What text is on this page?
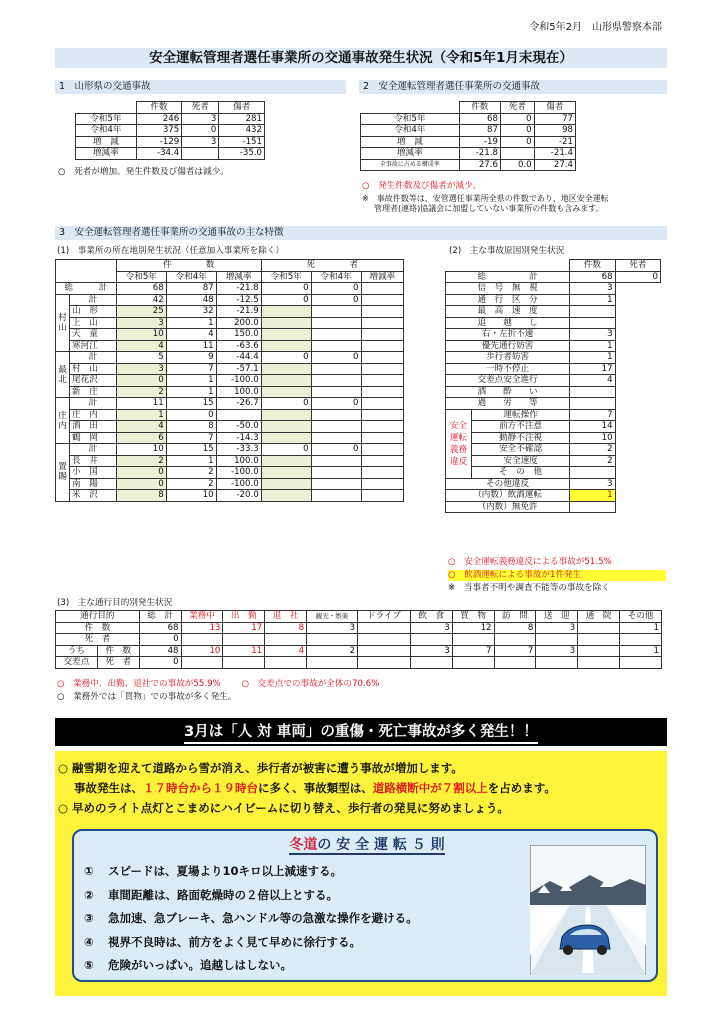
令和5年2月　山形県警察本部
安全運転管理者選任事業所の交通事故発生状況（令和5年1月末現在）
1　山形県の交通事故
	件数	死者	傷者
令和5年	246	3	281
令和4年	375	0	432
増　減	-129	3	-151
増減率	-34.4		-35.0
○　死者が増加。発生件数及び傷者は減少。
2　安全運転管理者選任事業所の交通事故
	件数	死者	傷者
令和5年	68	0	77
令和4年	87	0	98
増　減	-19	0	-21
増減率	-21.8		-21.4
全事故に占める構成率	27.6	0.0	27.4
○　発生件数及び傷者が減少。
※　事故件数等は、安管選任事業所全県の件数であり、地区安全運転
管理者(連絡)協議会に加盟していない事業所の件数も含みます。
3　安全運転管理者選任事業所の交通事故の主な特徴
(1)　事業所の所在地別発生状況（任意加入事業所を除く）
		件　　　　数			死　　　　者		
		令和5年	令和4年	増減率	令和5年	令和4年	増減率
総　　　計		68	87	-21.8	0	0	
村山	計	42	48	-12.5	0	0	
	山　形	25	32	-21.9			
	上　山	3	1	200.0			
	天　童	10	4	150.0			
	寒河江	4	11	-63.6			
最北	計	5	9	-44.4	0	0	
	村　山	3	7	-57.1			
	尾花沢	0	1	-100.0			
	新　庄	2	1	100.0			
庄内	計	11	15	-26.7	0	0	
	庄　内	1	0				
	酒　田	4	8	-50.0			
	鶴　岡	6	7	-14.3			
置賜	計	10	15	-33.3	0	0	
	長　井	2	1	100.0			
	小　国	0	2	-100.0			
	南　陽	0	2	-100.0			
	米　沢	8	10	-20.0			
(2)　主な事故原因別発生状況
		件数	死者
総　　　　　計		68	0
信　号　無　視		3	
通　行　区　分		1	
最　高　速　度			
追　　越　　し			
右・左折不適		3	
優先通行妨害		1	
歩行者妨害		1	
一時不停止		17	
交差点安全進行		4	
酒　　酔　　い			
過　　労　　等			
安全運転義務違反	運転操作	7	
	前方不注意	14	
	動静不注視	10	
	安全不確認	2	
	安全速度	2	
	そ　の　他		
その他違反		3	
（内数）飲酒運転		1	
（内数）無免許			
○　安全運転義務違反による事故が51.5%
○　飲酒運転による事故が1件発生
※　当事者不明や調査不能等の事故を除く
(3)　主な通行目的別発生状況
通行目的		総　計	業務中	出　勤	退　社	観光・娯楽	ドライブ	飲　食	買　物	訪　問	送　迎	通　院	その他
件　数		68	13	17	8	3		3	12	8	3		1
死　者		0											
うち	件　数	48	10	11	4	2		3	7	7	3		1
交差点	死　者	0											
○　業務中、出勤、退社での事故が55.9% ○　交差点での事故が全体の70.6%
○　業務外では「買物」での事故が多く発生。
3月は「人 対 車両」の重傷・死亡事故が多く発生！！
○ 融雪期を迎えて道路から雪が消え、歩行者が被害に遭う事故が増加します。
事故発生は、１７時台から１９時台に多く、事故類型は、道路横断中が７割以上を占めます。
○ 早めのライト点灯とこまめにハイビームに切り替え、歩行者の発見に努めましょう。
冬道の 安 全 運 転 ５ 則
① スピードは、夏場より10キロ以上減速する。
② 車間距離は、路面乾燥時の２倍以上とする。
③ 急加速、急ブレーキ、急ハンドル等の急激な操作を避ける。
④ 視界不良時は、前方をよく見て早めに徐行する。
⑤ 危険がいっぱい。追越しはしない。
